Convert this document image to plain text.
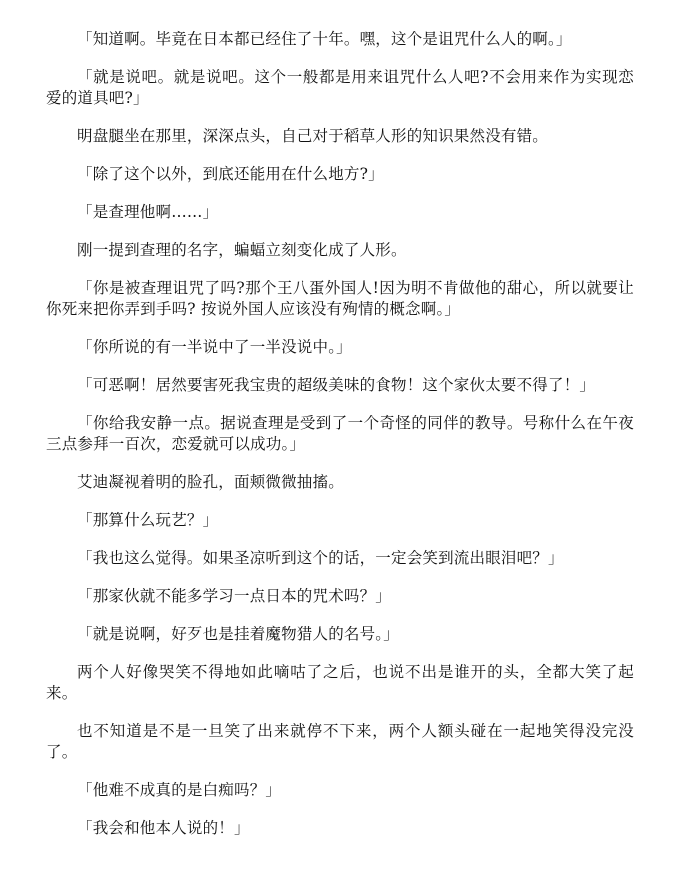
「知道啊。毕竟在日本都已经住了十年。嘿，这个是诅咒什么人的啊。」

「就是说吧。就是说吧。这个一般都是用来诅咒什么人吧?不会用来作为实现恋爱的道具吧?」

明盘腿坐在那里，深深点头，自己对于稻草人形的知识果然没有错。

「除了这个以外，到底还能用在什么地方?」

「是查理他啊……」

刚一提到查理的名字，蝙蝠立刻变化成了人形。

「你是被查理诅咒了吗?那个王八蛋外国人!因为明不肯做他的甜心，所以就要让你死来把你弄到手吗? 按说外国人应该没有殉情的概念啊。」

「你所说的有一半说中了一半没说中。」

「可恶啊！居然要害死我宝贵的超级美味的食物！这个家伙太要不得了！」

「你给我安静一点。据说查理是受到了一个奇怪的同伴的教导。号称什么在午夜三点参拜一百次，恋爱就可以成功。」

艾迪凝视着明的脸孔，面颊微微抽搐。

「那算什么玩艺？」

「我也这么觉得。如果圣凉听到这个的话，一定会笑到流出眼泪吧？」

「那家伙就不能多学习一点日本的咒术吗？」

「就是说啊，好歹也是挂着魔物猎人的名号。」

两个人好像哭笑不得地如此嘀咕了之后，也说不出是谁开的头，全都大笑了起来。

也不知道是不是一旦笑了出来就停不下来，两个人额头碰在一起地笑得没完没了。

「他难不成真的是白痴吗？」

「我会和他本人说的！」
